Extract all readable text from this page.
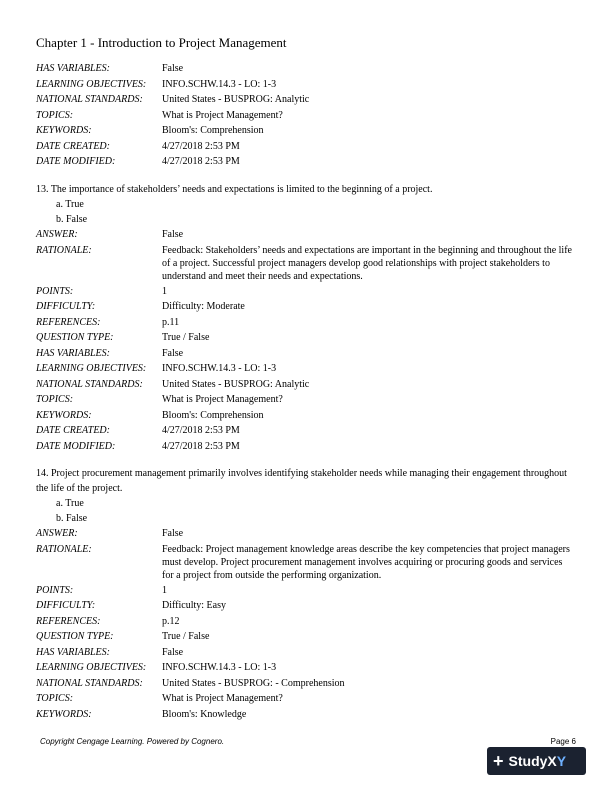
Chapter 1 - Introduction to Project Management
HAS VARIABLES:	False
LEARNING OBJECTIVES:	INFO.SCHW.14.3 - LO: 1-3
NATIONAL STANDARDS:	United States - BUSPROG: Analytic
TOPICS:	What is Project Management?
KEYWORDS:	Bloom's: Comprehension
DATE CREATED:	4/27/2018 2:53 PM
DATE MODIFIED:	4/27/2018 2:53 PM
13. The importance of stakeholders’ needs and expectations is limited to the beginning of a project.
a. True
b. False
ANSWER:	False
RATIONALE:	Feedback: Stakeholders’ needs and expectations are important in the beginning and throughout the life of a project. Successful project managers develop good relationships with project stakeholders to understand and meet their needs and expectations.
POINTS:	1
DIFFICULTY:	Difficulty: Moderate
REFERENCES:	p.11
QUESTION TYPE:	True / False
HAS VARIABLES:	False
LEARNING OBJECTIVES:	INFO.SCHW.14.3 - LO: 1-3
NATIONAL STANDARDS:	United States - BUSPROG: Analytic
TOPICS:	What is Project Management?
KEYWORDS:	Bloom's: Comprehension
DATE CREATED:	4/27/2018 2:53 PM
DATE MODIFIED:	4/27/2018 2:53 PM
14. Project procurement management primarily involves identifying stakeholder needs while managing their engagement throughout the life of the project.
a. True
b. False
ANSWER:	False
RATIONALE:	Feedback: Project management knowledge areas describe the key competencies that project managers must develop. Project procurement management involves acquiring or procuring goods and services for a project from outside the performing organization.
POINTS:	1
DIFFICULTY:	Difficulty: Easy
REFERENCES:	p.12
QUESTION TYPE:	True / False
HAS VARIABLES:	False
LEARNING OBJECTIVES:	INFO.SCHW.14.3 - LO: 1-3
NATIONAL STANDARDS:	United States - BUSPROG: - Comprehension
TOPICS:	What is Project Management?
KEYWORDS:	Bloom's: Knowledge
Copyright Cengage Learning. Powered by Cognero.	Page 6
+ StudyX Y
